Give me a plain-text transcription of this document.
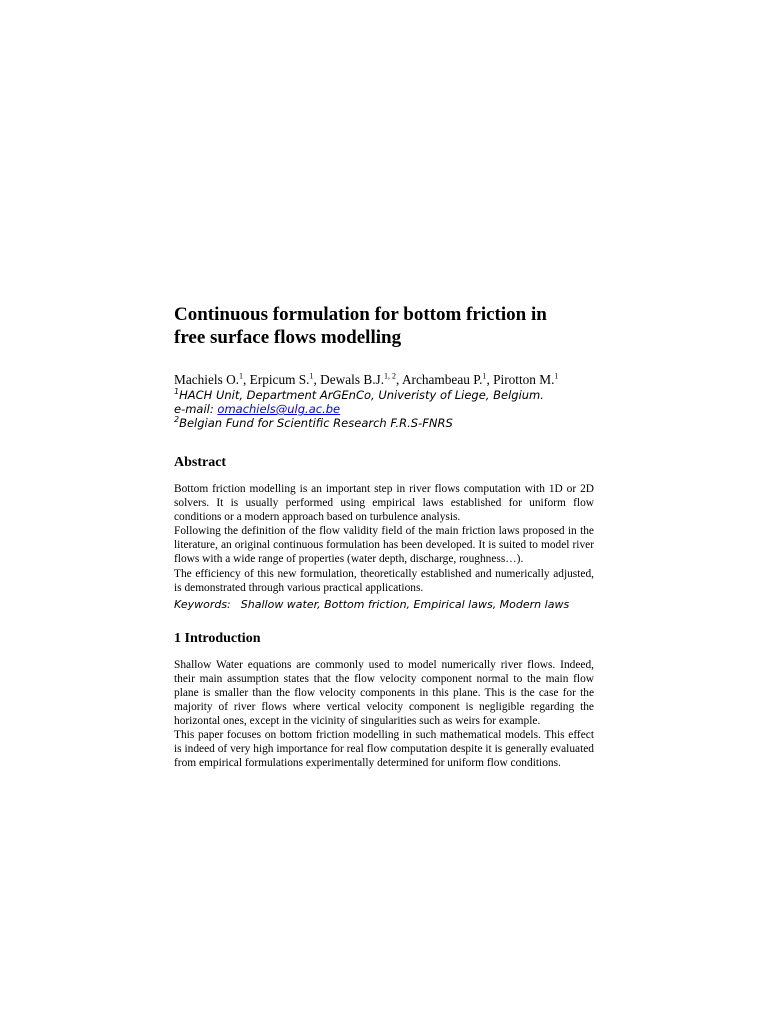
Continuous formulation for bottom friction in
free surface flows modelling
Machiels O.$^1$, Erpicum S.$^1$, Dewals B.J.$^{1, 2}$, Archambeau P.$^1$, Pirotton M.$^1$
$^1$HACH Unit, Department ArGEnCo, Univeristy of Liege, Belgium.
e-mail: omachiels@ulg.ac.be
$^2$Belgian Fund for Scientific Research F.R.S-FNRS
Abstract

Bottom friction modelling is an important step in river flows computation with 1D or 2D solvers. It is usually performed using empirical laws established for uniform flow conditions or a modern approach based on turbulence analysis.

Following the definition of the flow validity field of the main friction laws proposed in the literature, an original continuous formulation has been developed. It is suited to model river flows with a wide range of properties (water depth, discharge, roughness…).

The efficiency of this new formulation, theoretically established and numerically adjusted, is demonstrated through various practical applications.

Keywords: Shallow water, Bottom friction, Empirical laws, Modern laws
1 Introduction

Shallow Water equations are commonly used to model numerically river flows. Indeed, their main assumption states that the flow velocity component normal to the main flow plane is smaller than the flow velocity components in this plane. This is the case for the majority of river flows where vertical velocity component is negligible regarding the horizontal ones, except in the vicinity of singularities such as weirs for example.

This paper focuses on bottom friction modelling in such mathematical models. This effect is indeed of very high importance for real flow computation despite it is generally evaluated from empirical formulations experimentally determined for uniform flow conditions.
